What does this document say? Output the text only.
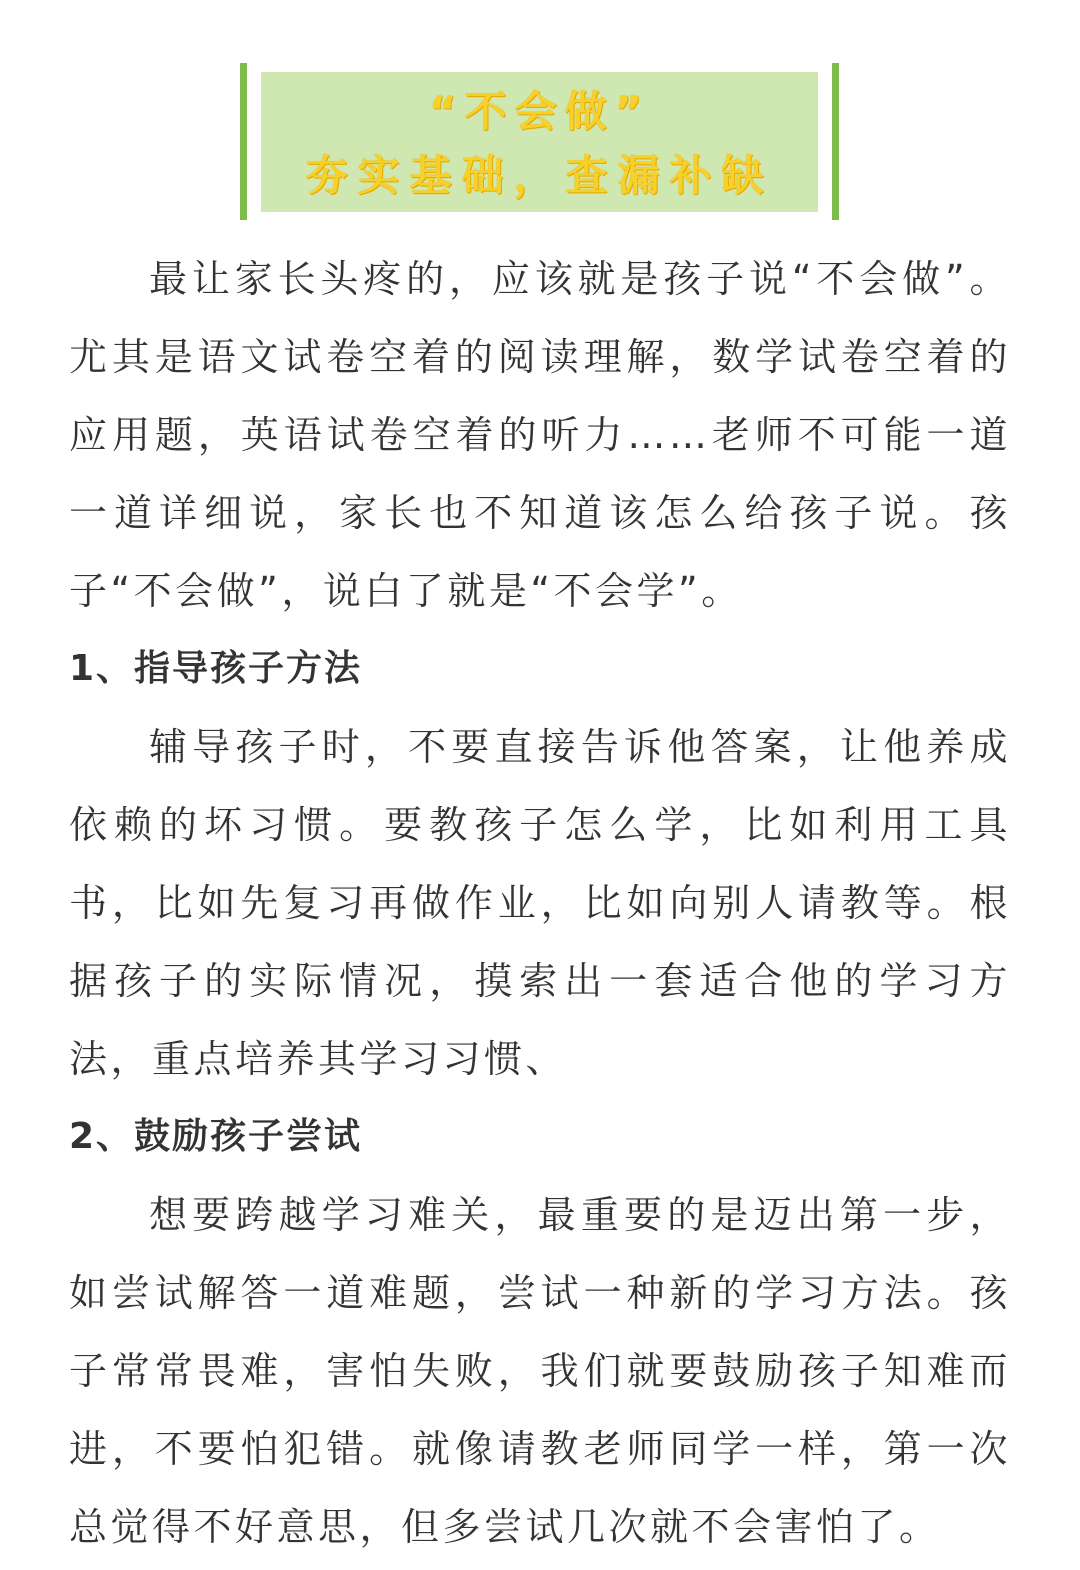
“不会做”
夯实基础，查漏补缺

最让家长头疼的，应该就是孩子说“不会做”。尤其是语文试卷空着的阅读理解，数学试卷空着的应用题，英语试卷空着的听力……老师不可能一道一道详细说，家长也不知道该怎么给孩子说。孩子“不会做”，说白了就是“不会学”。

1、指导孩子方法

辅导孩子时，不要直接告诉他答案，让他养成依赖的坏习惯。要教孩子怎么学，比如利用工具书，比如先复习再做作业，比如向别人请教等。根据孩子的实际情况，摸索出一套适合他的学习方法，重点培养其学习习惯、

2、鼓励孩子尝试

想要跨越学习难关，最重要的是迈出第一步，如尝试解答一道难题，尝试一种新的学习方法。孩子常常畏难，害怕失败，我们就要鼓励孩子知难而进，不要怕犯错。就像请教老师同学一样，第一次总觉得不好意思，但多尝试几次就不会害怕了。
